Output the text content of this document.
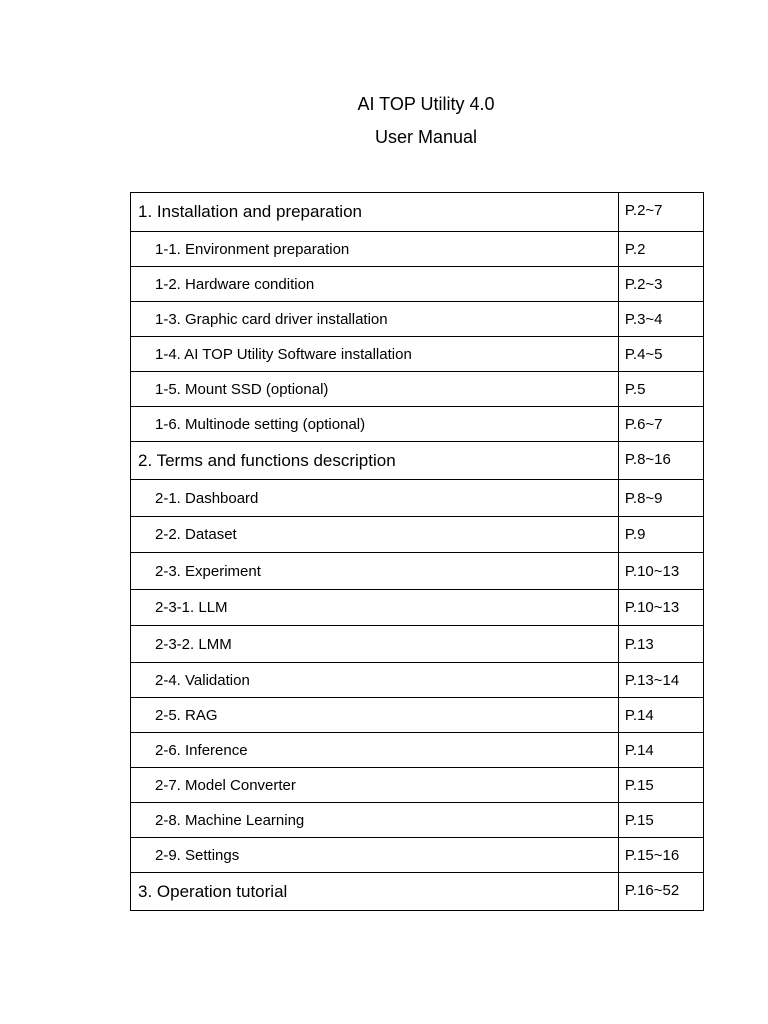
AI TOP Utility 4.0
User Manual
1. Installation and preparation	P.2~7
1-1. Environment preparation	P.2
1-2. Hardware condition	P.2~3
1-3. Graphic card driver installation	P.3~4
1-4. AI TOP Utility Software installation	P.4~5
1-5. Mount SSD (optional)	P.5
1-6. Multinode setting (optional)	P.6~7
2. Terms and functions description	P.8~16
2-1. Dashboard	P.8~9
2-2. Dataset	P.9
2-3. Experiment	P.10~13
2-3-1. LLM	P.10~13
2-3-2. LMM	P.13
2-4. Validation	P.13~14
2-5. RAG	P.14
2-6. Inference	P.14
2-7. Model Converter	P.15
2-8. Machine Learning	P.15
2-9. Settings	P.15~16
3. Operation tutorial	P.16~52
